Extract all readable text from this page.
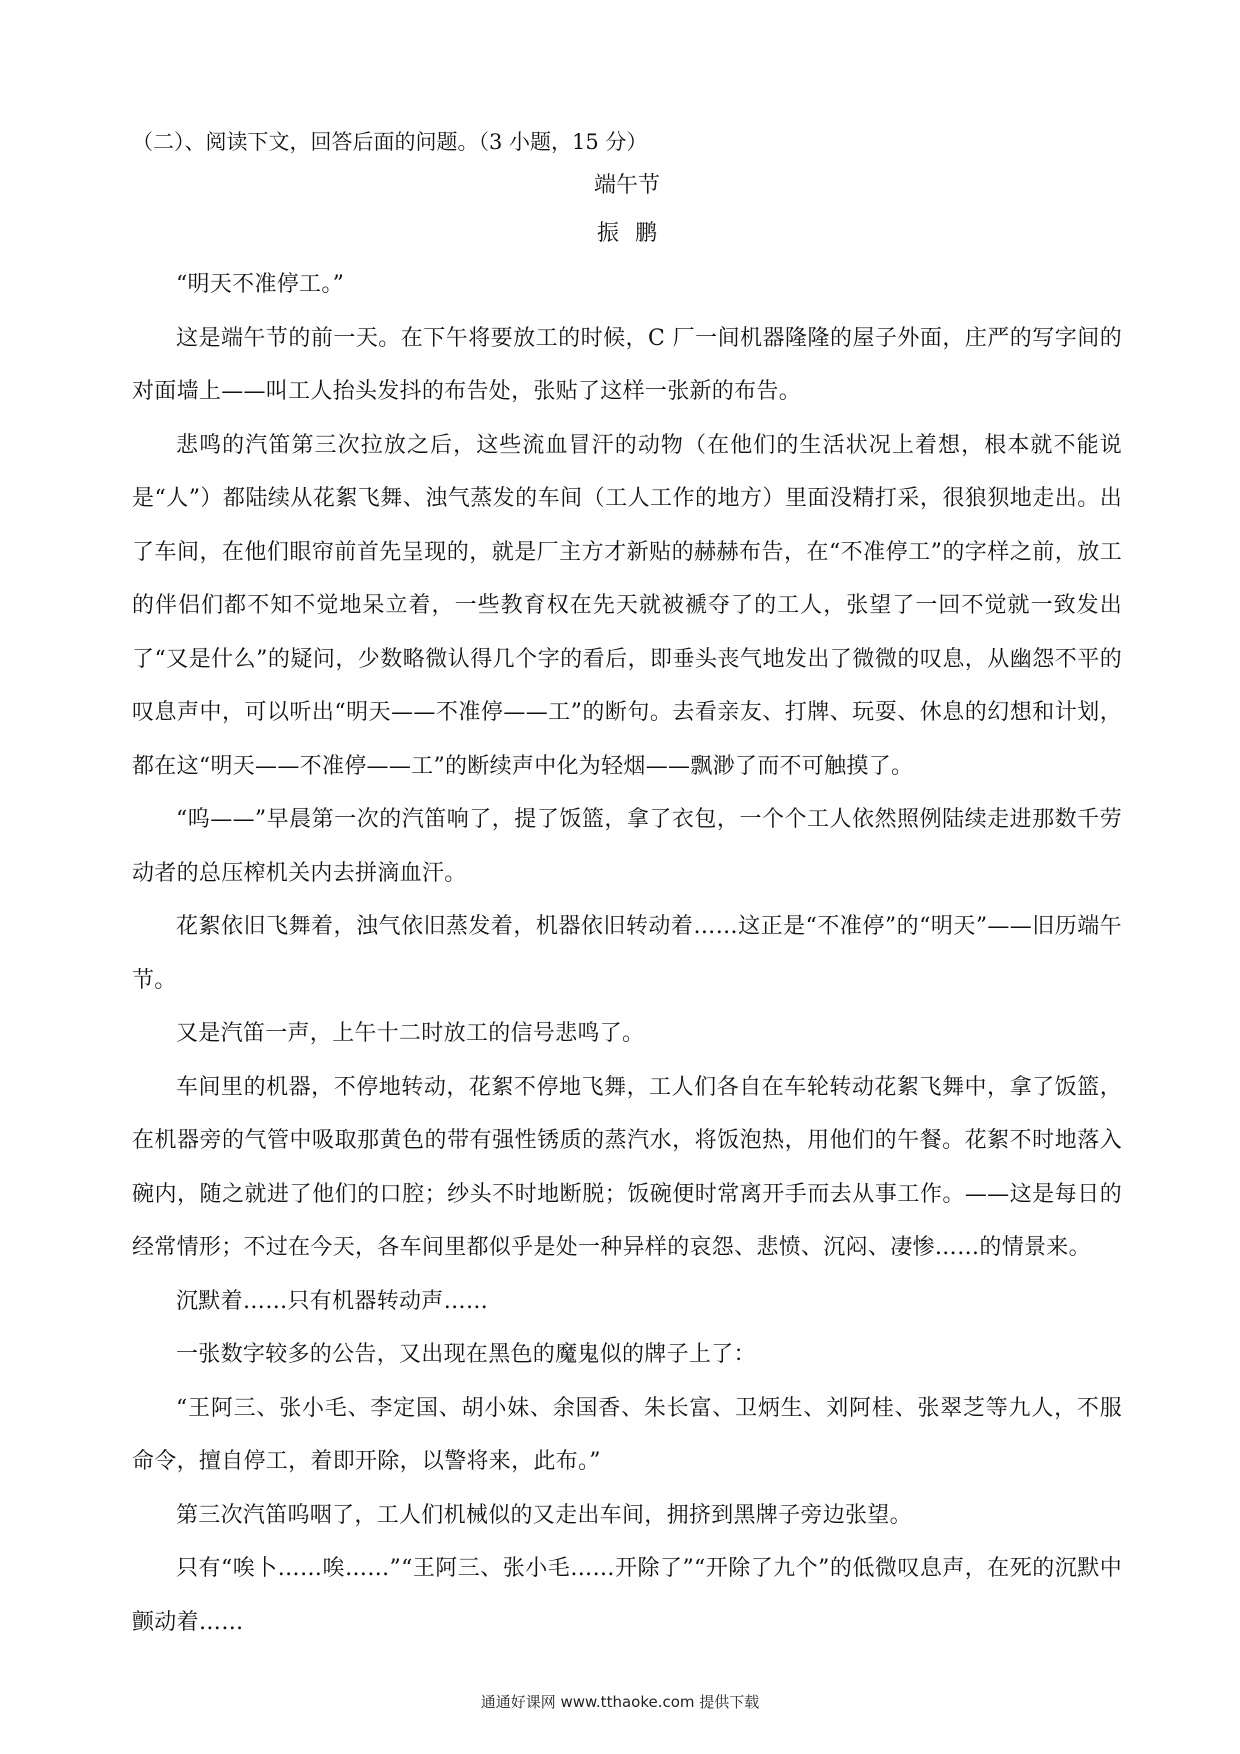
（二）、阅读下文，回答后面的问题。（3 小题，15 分）

端午节

振鹏

“明天不准停工。”

这是端午节的前一天。在下午将要放工的时候，C 厂一间机器隆隆的屋子外面，庄严的写字间的对面墙上——叫工人抬头发抖的布告处，张贴了这样一张新的布告。

悲鸣的汽笛第三次拉放之后，这些流血冒汗的动物（在他们的生活状况上着想，根本就不能说是“人”）都陆续从花絮飞舞、浊气蒸发的车间（工人工作的地方）里面没精打采，很狼狈地走出。出了车间，在他们眼帘前首先呈现的，就是厂主方才新贴的赫赫布告，在“不准停工”的字样之前，放工的伴侣们都不知不觉地呆立着，一些教育权在先天就被褫夺了的工人，张望了一回不觉就一致发出了“又是什么”的疑问，少数略微认得几个字的看后，即垂头丧气地发出了微微的叹息，从幽怨不平的叹息声中，可以听出“明天——不准停——工”的断句。去看亲友、打牌、玩耍、休息的幻想和计划，都在这“明天——不准停——工”的断续声中化为轻烟——飘渺了而不可触摸了。

“呜——”早晨第一次的汽笛响了，提了饭篮，拿了衣包，一个个工人依然照例陆续走进那数千劳动者的总压榨机关内去拼滴血汗。

花絮依旧飞舞着，浊气依旧蒸发着，机器依旧转动着……这正是“不准停”的“明天”——旧历端午节。

又是汽笛一声，上午十二时放工的信号悲鸣了。

车间里的机器，不停地转动，花絮不停地飞舞，工人们各自在车轮转动花絮飞舞中，拿了饭篮，在机器旁的气管中吸取那黄色的带有强性锈质的蒸汽水，将饭泡热，用他们的午餐。花絮不时地落入碗内，随之就进了他们的口腔；纱头不时地断脱；饭碗便时常离开手而去从事工作。——这是每日的经常情形；不过在今天，各车间里都似乎是处一种异样的哀怨、悲愤、沉闷、凄惨……的情景来。

沉默着……只有机器转动声……

一张数字较多的公告，又出现在黑色的魔鬼似的牌子上了：

“王阿三、张小毛、李定国、胡小妹、余国香、朱长富、卫炳生、刘阿桂、张翠芝等九人，不服命令，擅自停工，着即开除，以警将来，此布。”

第三次汽笛呜咽了，工人们机械似的又走出车间，拥挤到黑牌子旁边张望。

只有“唉卜……唉……”“王阿三、张小毛……开除了”“开除了九个”的低微叹息声，在死的沉默中颤动着……

通通好课网 www.tthaoke.com 提供下载
